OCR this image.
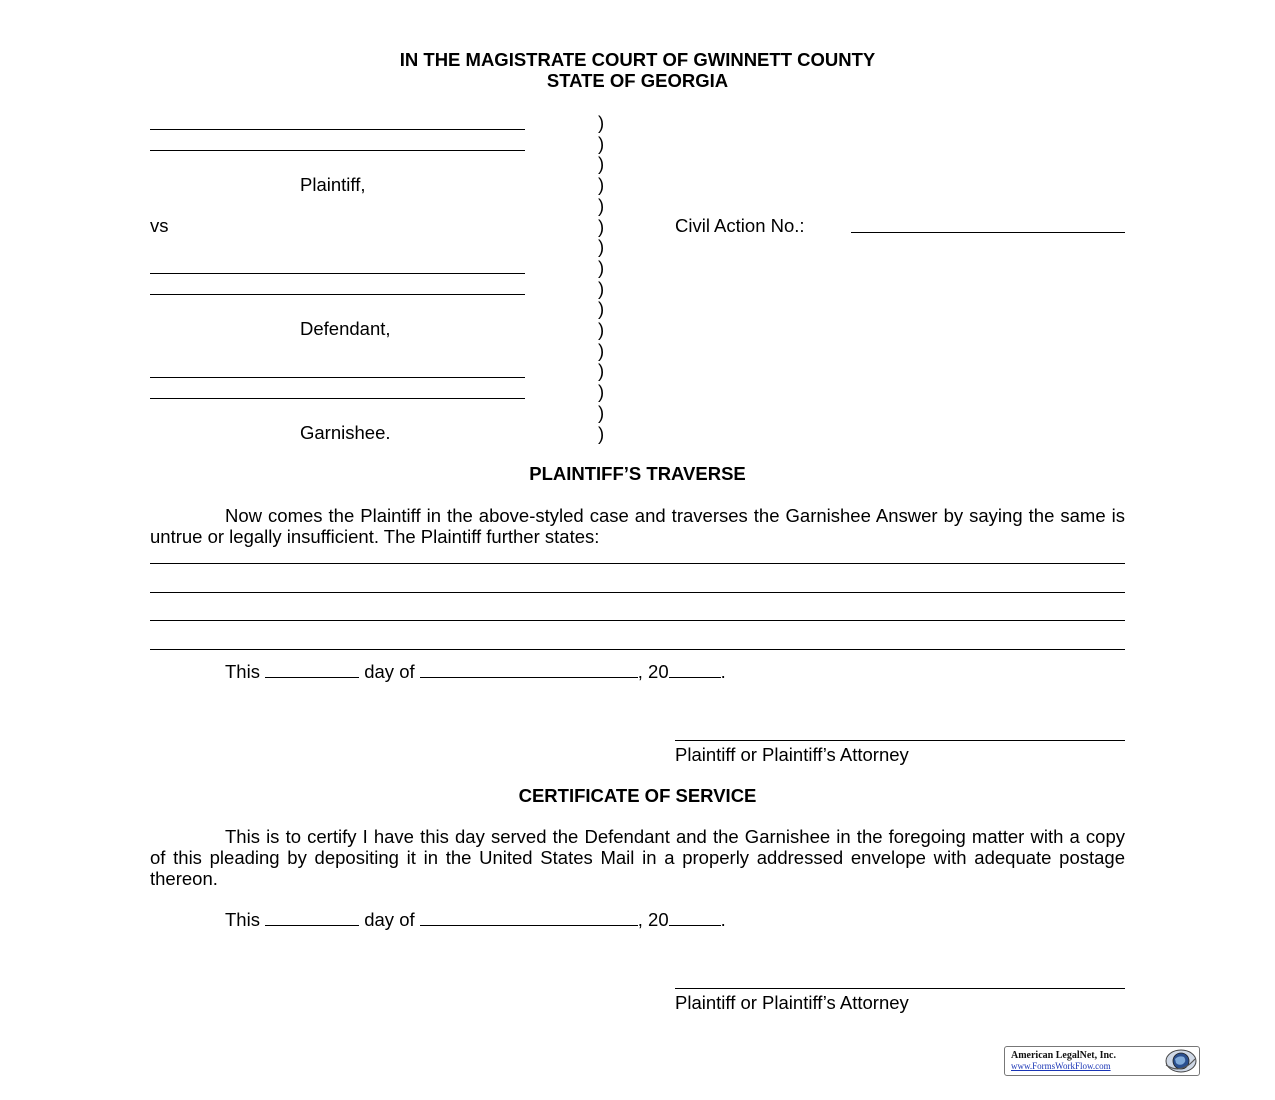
IN THE MAGISTRATE COURT OF GWINNETT COUNTY
STATE OF GEORGIA
Plaintiff,
vs
Defendant,
Garnishee.
)
)
)
)
)
)
)
)
)
)
)
)
)
)
)
)
Civil Action No.:
PLAINTIFF’S TRAVERSE
Now comes the Plaintiff in the above-styled case and traverses the Garnishee Answer by saying the same is untrue or legally insufficient. The Plaintiff further states:
This	day of	, 20	.
Plaintiff or Plaintiff’s Attorney
CERTIFICATE OF SERVICE
This is to certify I have this day served the Defendant and the Garnishee in the foregoing matter with a copy of this pleading by depositing it in the United States Mail in a properly addressed envelope with adequate postage thereon.
This	day of	, 20	.
Plaintiff or Plaintiff’s Attorney
American LegalNet, Inc.
www.FormsWorkFlow.com
